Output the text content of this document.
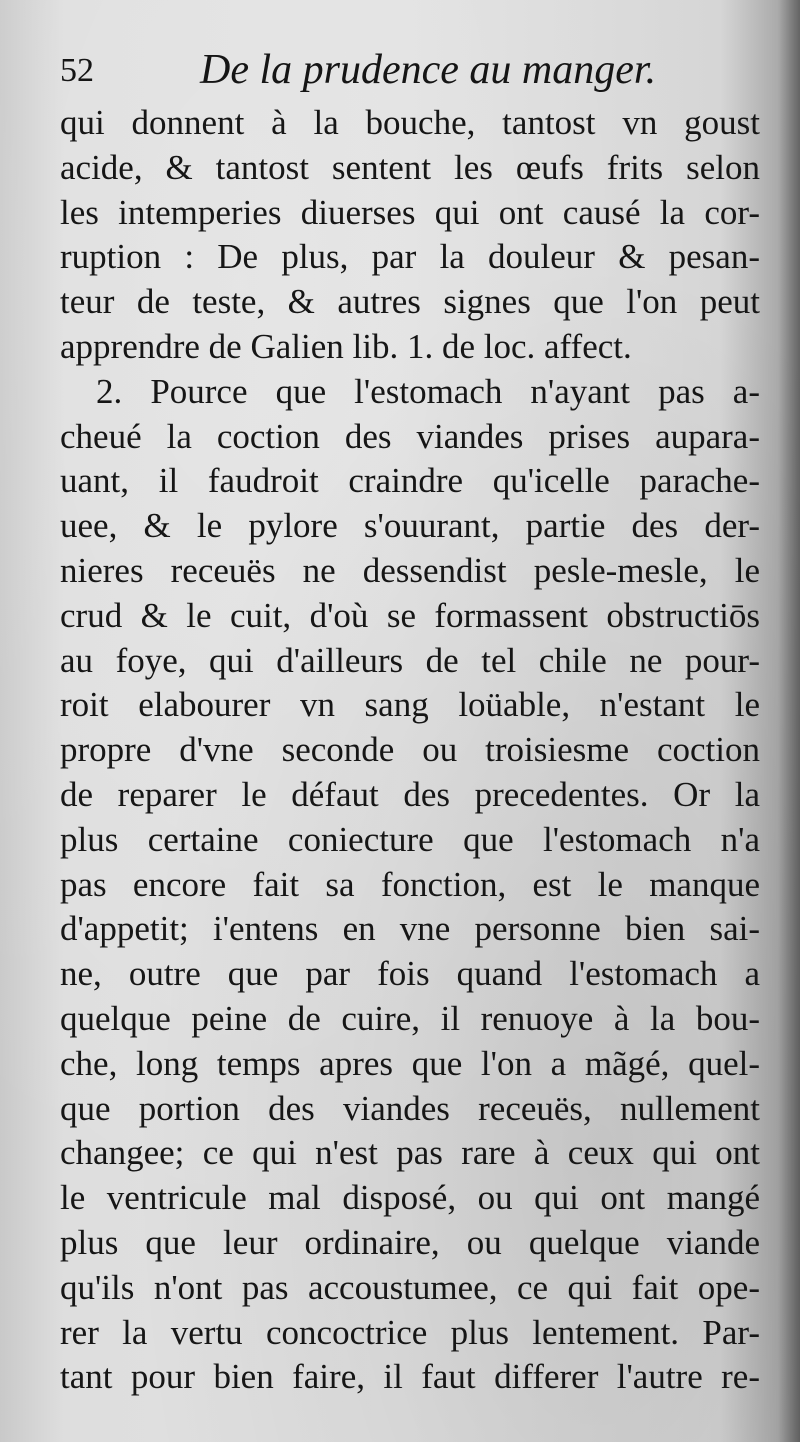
52	De la prudence au manger.
qui donnent à la bouche, tantost vn goust
acide, & tantost sentent les œufs frits selon
les intemperies diuerses qui ont causé la cor-
ruption : De plus, par la douleur & pesan-
teur de teste, & autres signes que l'on peut
apprendre de Galien lib. 1. de loc. affect.
2. Pource que l'estomach n'ayant pas a-
cheué la coction des viandes prises aupara-
uant, il faudroit craindre qu'icelle parache-
uee, & le pylore s'ouurant, partie des der-
nieres receuës ne dessendist pesle-mesle, le
crud & le cuit, d'où se formassent obstructiōs
au foye, qui d'ailleurs de tel chile ne pour-
roit elabourer vn sang loüable, n'estant le
propre d'vne seconde ou troisiesme coction
de reparer le défaut des precedentes. Or la
plus certaine coniecture que l'estomach n'a
pas encore fait sa fonction, est le manque
d'appetit; i'entens en vne personne bien sai-
ne, outre que par fois quand l'estomach a
quelque peine de cuire, il renuoye à la bou-
che, long temps apres que l'on a mãgé, quel-
que portion des viandes receuës, nullement
changee; ce qui n'est pas rare à ceux qui ont
le ventricule mal disposé, ou qui ont mangé
plus que leur ordinaire, ou quelque viande
qu'ils n'ont pas accoustumee, ce qui fait ope-
rer la vertu concoctrice plus lentement. Par-
tant pour bien faire, il faut differer l'autre re-
